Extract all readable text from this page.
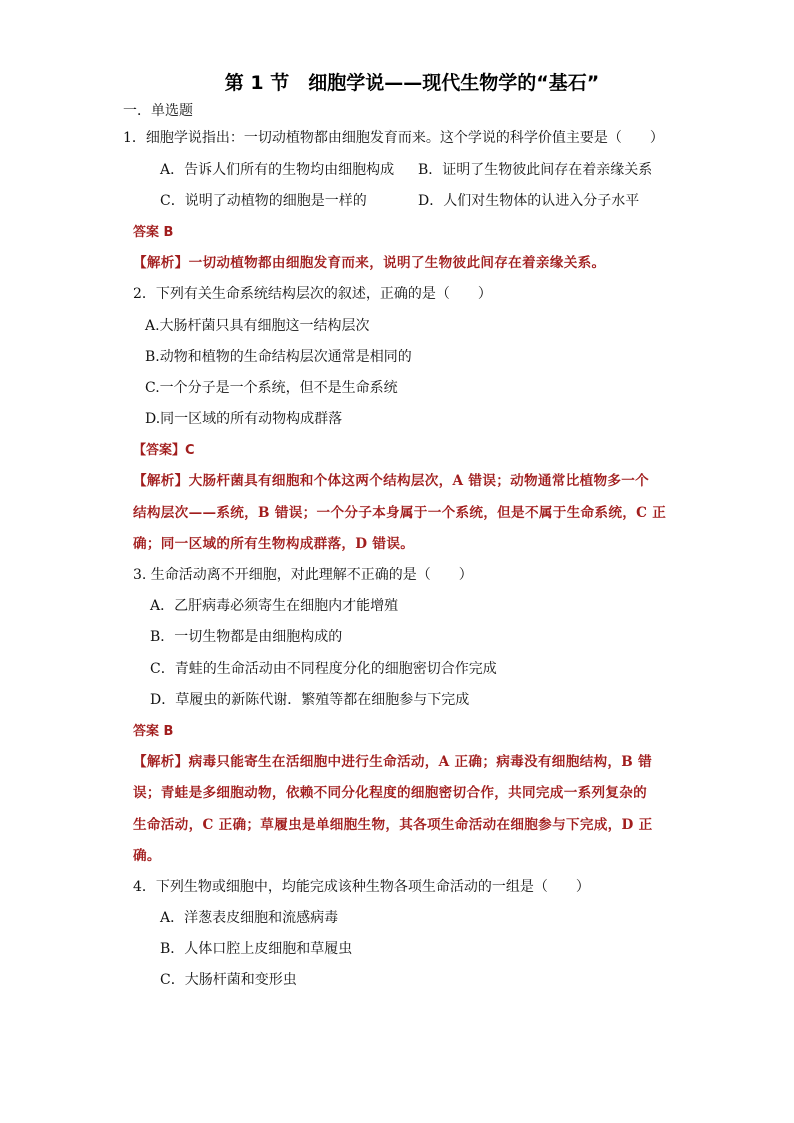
第 1 节　细胞学说——现代生物学的“基石”
一．单选题
1．细胞学说指出：一切动植物都由细胞发育而来。这个学说的科学价值主要是（　　）
A．告诉人们所有的生物均由细胞构成 B．证明了生物彼此间存在着亲缘关系
C．说明了动植物的细胞是一样的	D．人们对生物体的认进入分子水平
答案 B
【解析】一切动植物都由细胞发育而来，说明了生物彼此间存在着亲缘关系。
2．下列有关生命系统结构层次的叙述，正确的是（　　）
A.大肠杆菌只具有细胞这一结构层次
B.动物和植物的生命结构层次通常是相同的
C.一个分子是一个系统，但不是生命系统
D.同一区域的所有动物构成群落
【答案】C
【解析】大肠杆菌具有细胞和个体这两个结构层次，A 错误；动物通常比植物多一个
结构层次——系统，B 错误；一个分子本身属于一个系统，但是不属于生命系统，C 正
确；同一区域的所有生物构成群落，D 错误。
3. 生命活动离不开细胞，对此理解不正确的是（　　）
A．乙肝病毒必须寄生在细胞内才能增殖
B．一切生物都是由细胞构成的
C．青蛙的生命活动由不同程度分化的细胞密切合作完成
D．草履虫的新陈代谢．繁殖等都在细胞参与下完成
答案 B
【解析】病毒只能寄生在活细胞中进行生命活动，A 正确；病毒没有细胞结构，B 错
误；青蛙是多细胞动物，依赖不同分化程度的细胞密切合作，共同完成一系列复杂的
生命活动，C 正确；草履虫是单细胞生物，其各项生命活动在细胞参与下完成，D 正
确。
4．下列生物或细胞中，均能完成该种生物各项生命活动的一组是（　　）
A．洋葱表皮细胞和流感病毒
B．人体口腔上皮细胞和草履虫
C．大肠杆菌和变形虫
